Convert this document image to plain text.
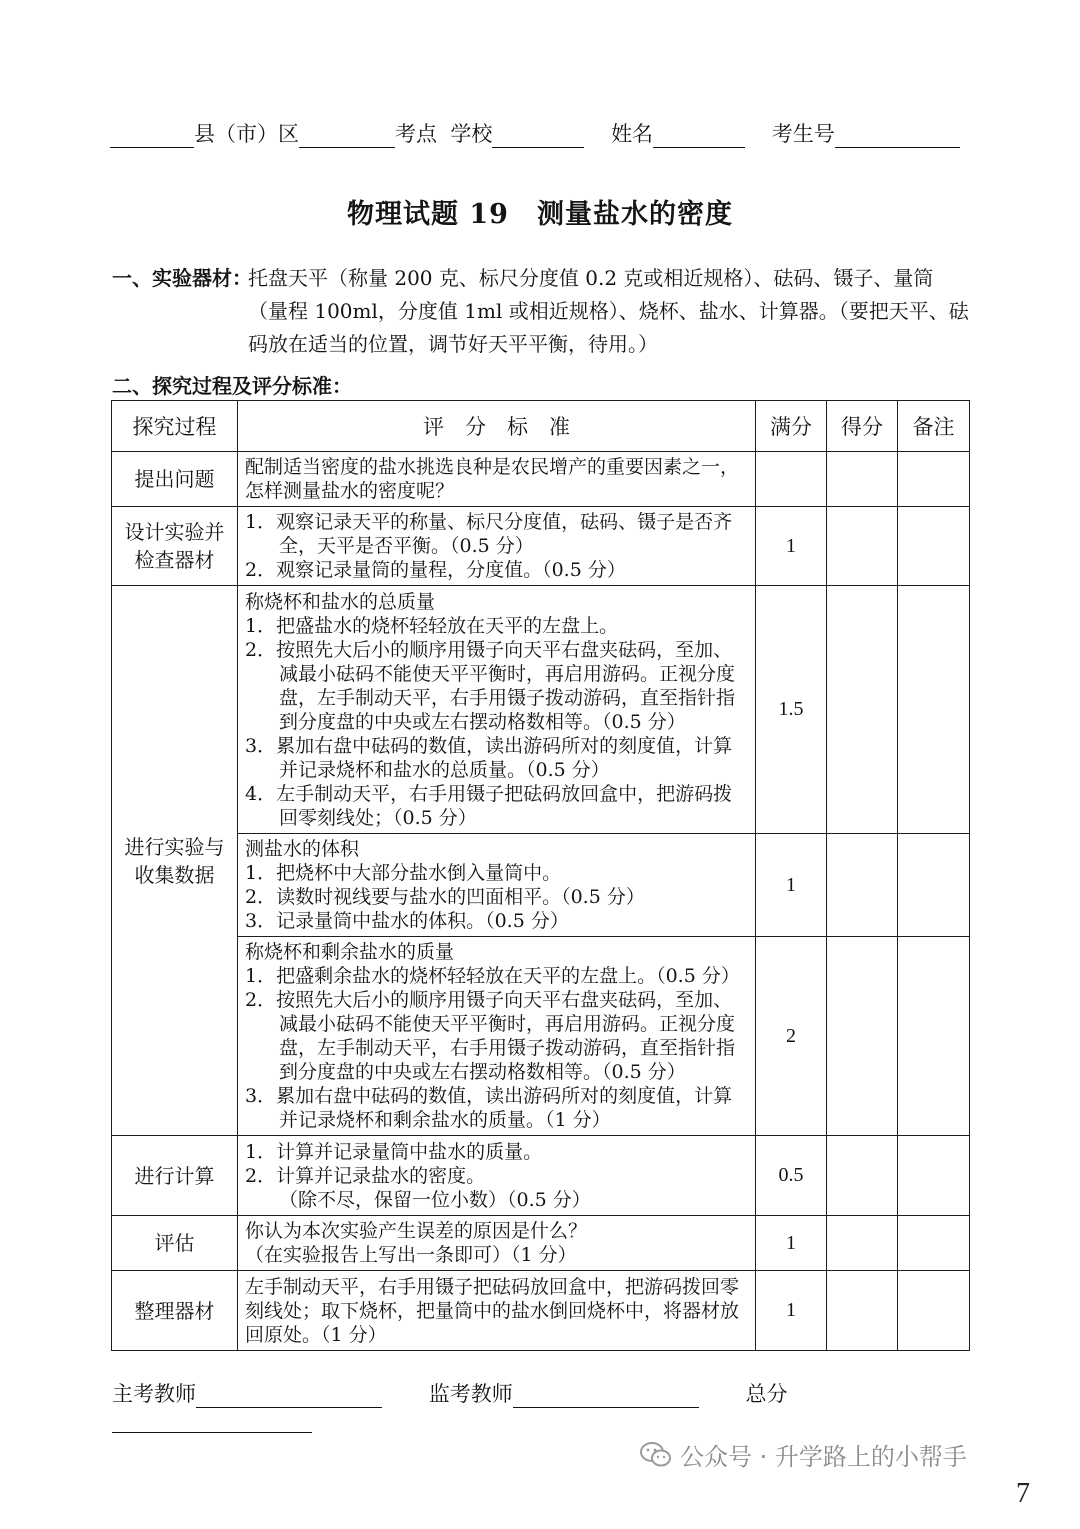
县（市）区	考点 学校	姓名	考生号
物理试题 19　测量盐水的密度
一、实验器材：
托盘天平（称量 200 克、标尺分度值 0.2 克或相近规格）、砝码、镊子、量筒（量程 100ml，分度值 1ml 或相近规格）、烧杯、盐水、计算器。（要把天平、砝码放在适当的位置，调节好天平平衡，待用。）
二、探究过程及评分标准：
探究过程	评　分　标　准	满分	得分	备注
提出问题	配制适当密度的盐水挑选良种是农民增产的重要因素之一，怎样测量盐水的密度呢？			

设计实验并检查器材	1．观察记录天平的称量、标尺分度值，砝码、镊子是否齐全，天平是否平衡。（0.5 分）
2．观察记录量筒的量程，分度值。（0.5 分）	1		
进行实验与收集数据	称烧杯和盐水的总质量
1．把盛盐水的烧杯轻轻放在天平的左盘上。
2．按照先大后小的顺序用镊子向天平右盘夹砝码，至加、减最小砝码不能使天平平衡时，再启用游码。正视分度盘，左手制动天平，右手用镊子拨动游码，直至指针指到分度盘的中央或左右摆动格数相等。（0.5 分）
3．累加右盘中砝码的数值，读出游码所对的刻度值，计算并记录烧杯和盐水的总质量。（0.5 分）
4．左手制动天平，右手用镊子把砝码放回盒中，把游码拨回零刻线处；（0.5 分）	1.5		

	测盐水的体积
1．把烧杯中大部分盐水倒入量筒中。
2．读数时视线要与盐水的凹面相平。（0.5 分）
3．记录量筒中盐水的体积。（0.5 分）	1		

	称烧杯和剩余盐水的质量
1．把盛剩余盐水的烧杯轻轻放在天平的左盘上。（0.5 分）
2．按照先大后小的顺序用镊子向天平右盘夹砝码，至加、减最小砝码不能使天平平衡时，再启用游码。正视分度盘，左手制动天平，右手用镊子拨动游码，直至指针指到分度盘的中央或左右摆动格数相等。（0.5 分）
3．累加右盘中砝码的数值，读出游码所对的刻度值，计算并记录烧杯和剩余盐水的质量。（1 分）	2		
进行计算	1．计算并记录量筒中盐水的质量。
2．计算并记录盐水的密度。
（除不尽，保留一位小数）（0.5 分）	0.5		
评估	你认为本次实验产生误差的原因是什么？
（在实验报告上写出一条即可）（1 分）	1		
整理器材	左手制动天平，右手用镊子把砝码放回盒中，把游码拨回零刻线处；取下烧杯，把量筒中的盐水倒回烧杯中，将器材放回原处。（1 分）	1		
主考教师	监考教师	总分
公众号 · 升学路上的小帮手
7
